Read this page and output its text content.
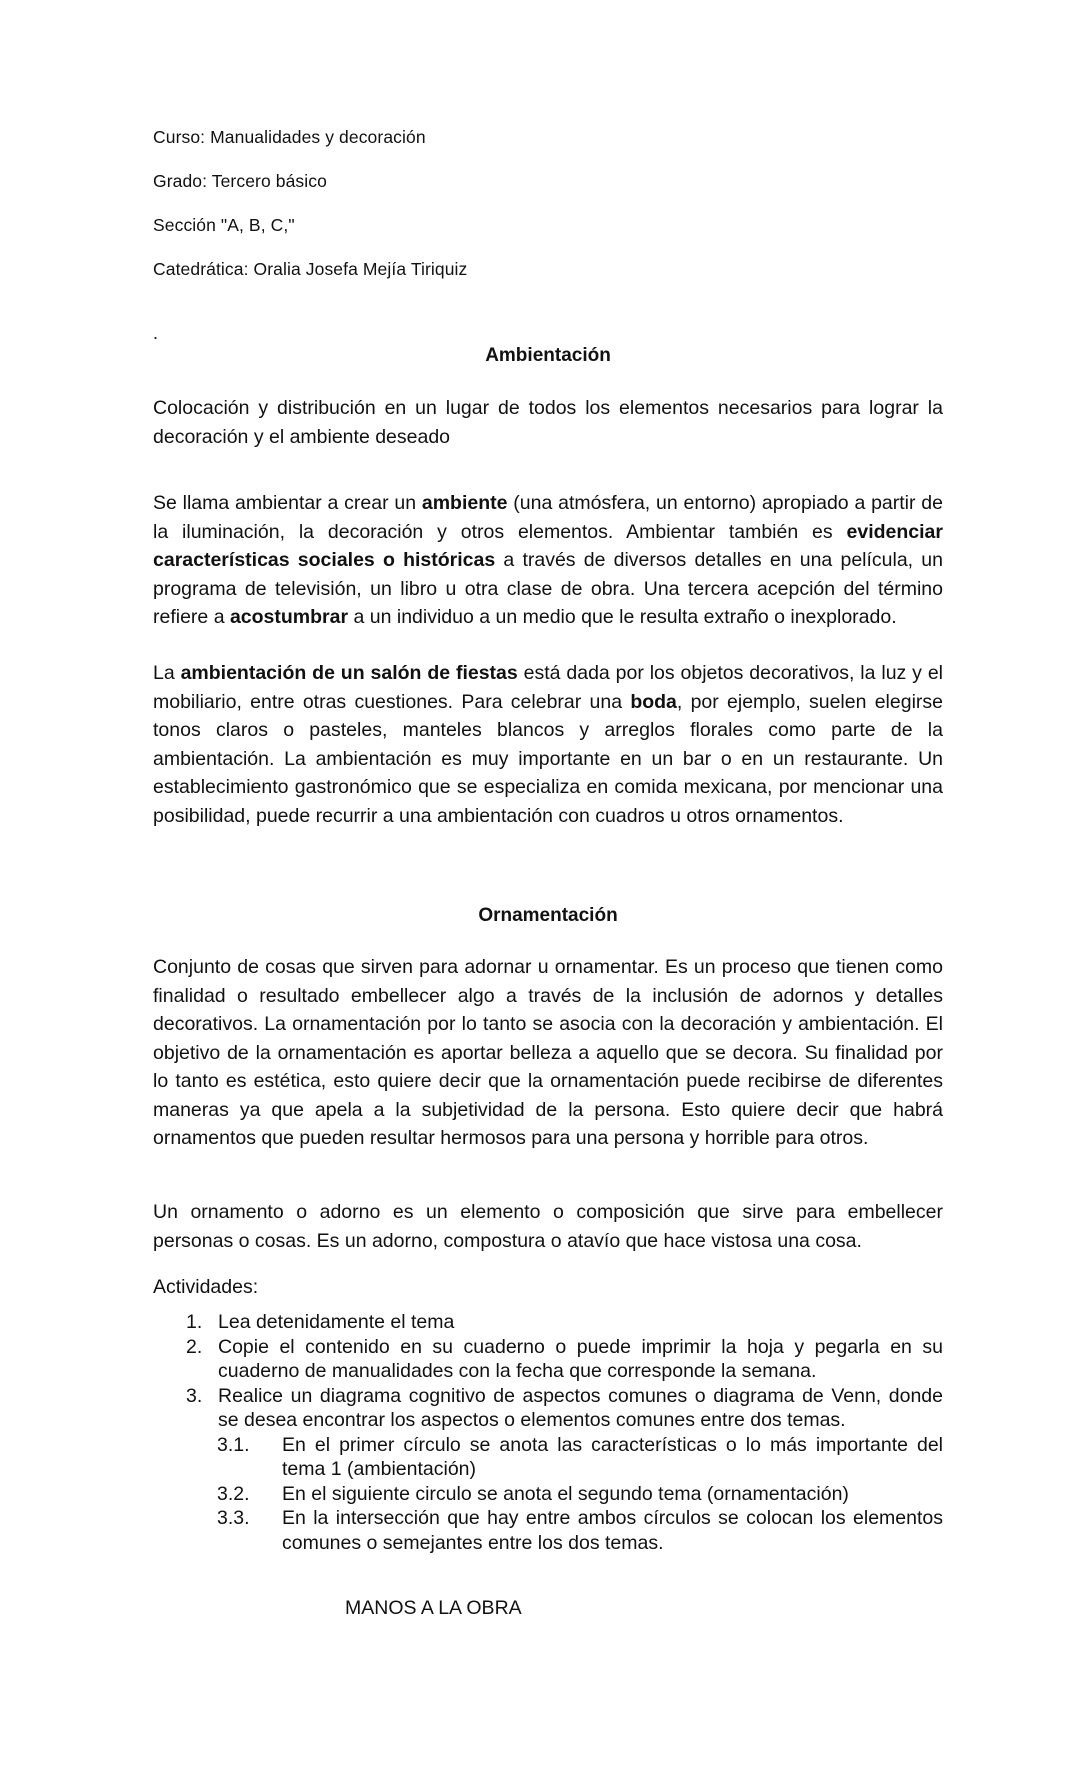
Curso: Manualidades y decoración
Grado: Tercero básico
Sección "A, B, C,"
Catedrática: Oralia Josefa Mejía Tiriquiz
.
Ambientación

Colocación y distribución en un lugar de todos los elementos necesarios para lograr la decoración y el ambiente deseado

Se llama ambientar a crear un ambiente (una atmósfera, un entorno) apropiado a partir de la iluminación, la decoración y otros elementos. Ambientar también es evidenciar características sociales o históricas a través de diversos detalles en una película, un programa de televisión, un libro u otra clase de obra. Una tercera acepción del término refiere a acostumbrar a un individuo a un medio que le resulta extraño o inexplorado.

La ambientación de un salón de fiestas está dada por los objetos decorativos, la luz y el mobiliario, entre otras cuestiones. Para celebrar una boda, por ejemplo, suelen elegirse tonos claros o pasteles, manteles blancos y arreglos florales como parte de la ambientación. La ambientación es muy importante en un bar o en un restaurante. Un establecimiento gastronómico que se especializa en comida mexicana, por mencionar una posibilidad, puede recurrir a una ambientación con cuadros u otros ornamentos.

Ornamentación

Conjunto de cosas que sirven para adornar u ornamentar. Es un proceso que tienen como finalidad o resultado embellecer algo a través de la inclusión de adornos y detalles decorativos. La ornamentación por lo tanto se asocia con la decoración y ambientación. El objetivo de la ornamentación es aportar belleza a aquello que se decora. Su finalidad por lo tanto es estética, esto quiere decir que la ornamentación puede recibirse de diferentes maneras ya que apela a la subjetividad de la persona. Esto quiere decir que habrá ornamentos que pueden resultar hermosos para una persona y horrible para otros.

Un ornamento o adorno es un elemento o composición que sirve para embellecer personas o cosas. Es un adorno, compostura o atavío que hace vistosa una cosa.

Actividades:
1. Lea detenidamente el tema
2. Copie el contenido en su cuaderno o puede imprimir la hoja y pegarla en su cuaderno de manualidades con la fecha que corresponde la semana.
3. Realice un diagrama cognitivo de aspectos comunes o diagrama de Venn, donde se desea encontrar los aspectos o elementos comunes entre dos temas.
3.1. En el primer círculo se anota las características o lo más importante del tema 1 (ambientación)
3.2. En el siguiente circulo se anota el segundo tema (ornamentación)
3.3. En la intersección que hay entre ambos círculos se colocan los elementos comunes o semejantes entre los dos temas.
MANOS A LA OBRA
